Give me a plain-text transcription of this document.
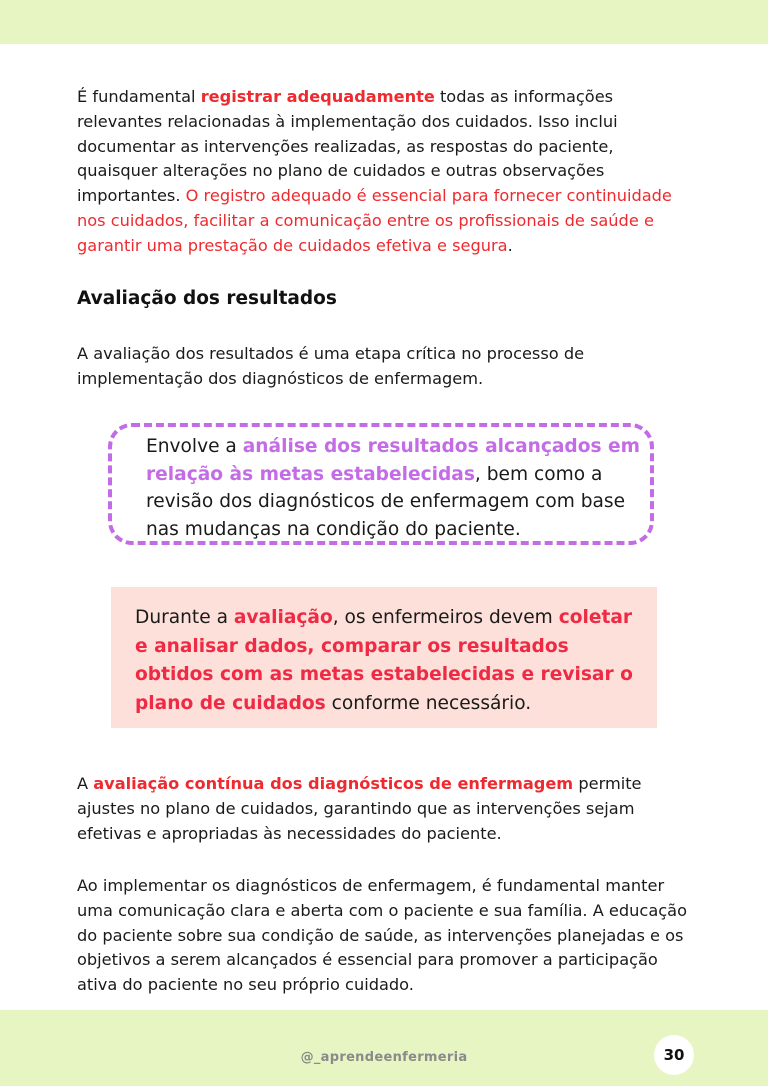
É fundamental registrar adequadamente todas as informações relevantes relacionadas à implementação dos cuidados. Isso inclui documentar as intervenções realizadas, as respostas do paciente, quaisquer alterações no plano de cuidados e outras observações importantes. O registro adequado é essencial para fornecer continuidade nos cuidados, facilitar a comunicação entre os profissionais de saúde e garantir uma prestação de cuidados efetiva e segura.

Avaliação dos resultados

A avaliação dos resultados é uma etapa crítica no processo de implementação dos diagnósticos de enfermagem.

Envolve a análise dos resultados alcançados em relação às metas estabelecidas, bem como a revisão dos diagnósticos de enfermagem com base nas mudanças na condição do paciente.

Durante a avaliação, os enfermeiros devem coletar e analisar dados, comparar os resultados obtidos com as metas estabelecidas e revisar o plano de cuidados conforme necessário.

A avaliação contínua dos diagnósticos de enfermagem permite ajustes no plano de cuidados, garantindo que as intervenções sejam efetivas e apropriadas às necessidades do paciente.

Ao implementar os diagnósticos de enfermagem, é fundamental manter uma comunicação clara e aberta com o paciente e sua família. A educação do paciente sobre sua condição de saúde, as intervenções planejadas e os objetivos a serem alcançados é essencial para promover a participação ativa do paciente no seu próprio cuidado.

@_aprendeenfermeria	30
